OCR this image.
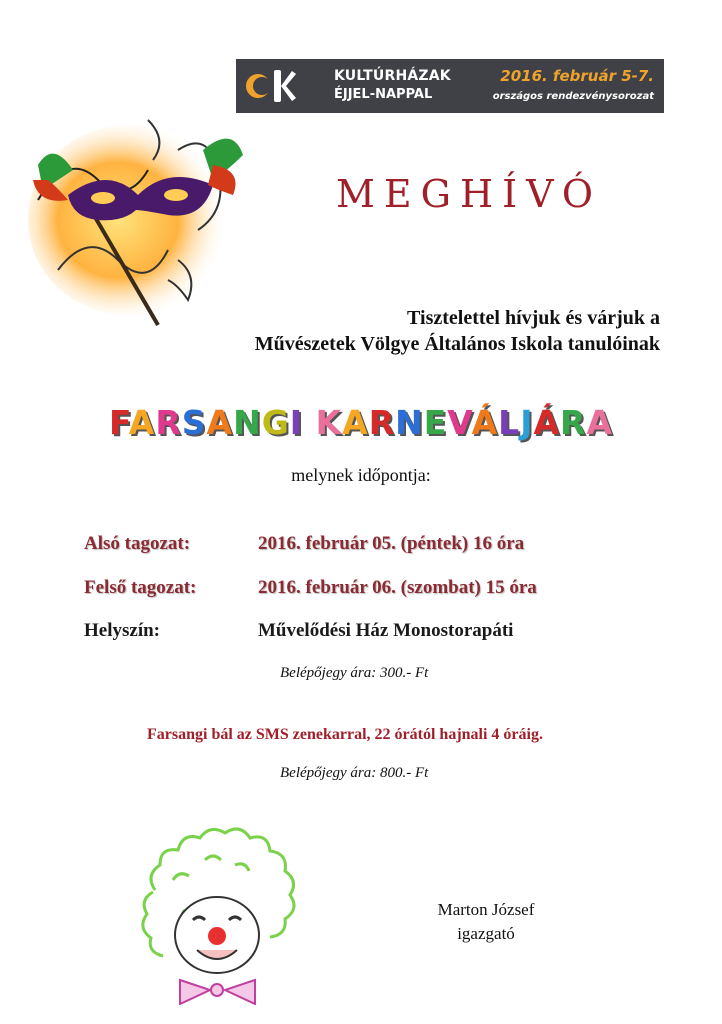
KULTÚRHÁZAK
ÉJJEL-NAPPAL
2016. február 5-7.
országos rendezvénysorozat
MEGHÍVÓ
Tisztelettel hívjuk és várjuk a
Művészetek Völgye Általános Iskola tanulóinak
FARSANGI KARNEVÁLJÁRA
melynek időpontja:
Alsó tagozat:	2016. február 05. (péntek) 16 óra
Felső tagozat:	2016. február 06. (szombat) 15 óra
Helyszín:	Művelődési Ház Monostorapáti
Belépőjegy ára: 300.- Ft
Farsangi bál az SMS zenekarral, 22 órától hajnali 4 óráig.
Belépőjegy ára: 800.- Ft
Marton József
igazgató
